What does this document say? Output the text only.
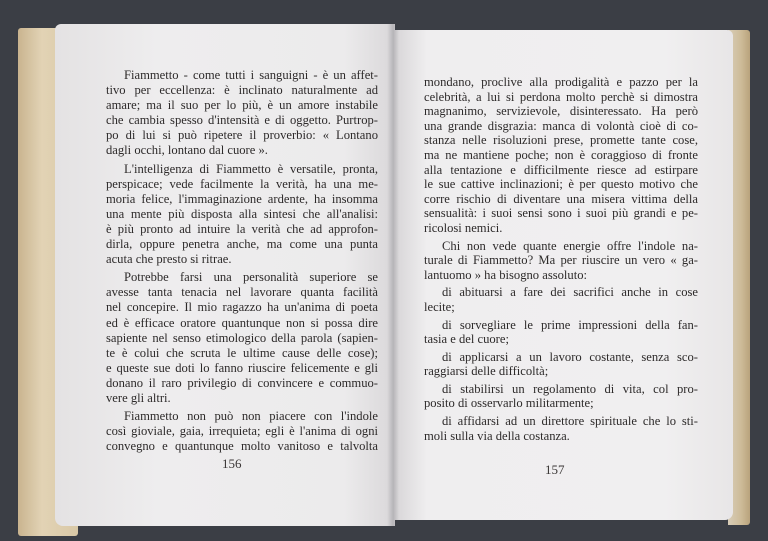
Fiammetto - come tutti i sanguigni - è un affet-
tivo per eccellenza: è inclinato naturalmente ad
amare; ma il suo per lo più, è un amore instabile
che cambia spesso d'intensità e di oggetto. Purtrop-
po di lui si può ripetere il proverbio: « Lontano
dagli occhi, lontano dal cuore ».
L'intelligenza di Fiammetto è versatile, pronta,
perspicace; vede facilmente la verità, ha una me-
moria felice, l'immaginazione ardente, ha insomma
una mente più disposta alla sintesi che all'analisi:
è più pronto ad intuire la verità che ad approfon-
dirla, oppure penetra anche, ma come una punta
acuta che presto si ritrae.
Potrebbe farsi una personalità superiore se
avesse tanta tenacia nel lavorare quanta facilità
nel concepire. Il mio ragazzo ha un'anima di poeta
ed è efficace oratore quantunque non si possa dire
sapiente nel senso etimologico della parola (sapien-
te è colui che scruta le ultime cause delle cose);
e queste sue doti lo fanno riuscire felicemente e gli
donano il raro privilegio di convincere e commuo-
vere gli altri.
Fiammetto non può non piacere con l'indole
così gioviale, gaia, irrequieta; egli è l'anima di ogni
convegno e quantunque molto vanitoso e talvolta
mondano, proclive alla prodigalità e pazzo per la
celebrità, a lui si perdona molto perchè si dimostra
magnanimo, servizievole, disinteressato. Ha però
una grande disgrazia: manca di volontà cioè di co-
stanza nelle risoluzioni prese, promette tante cose,
ma ne mantiene poche; non è coraggioso di fronte
alla tentazione e difficilmente riesce ad estirpare
le sue cattive inclinazioni; è per questo motivo che
corre rischio di diventare una misera vittima della
sensualità: i suoi sensi sono i suoi più grandi e pe-
ricolosi nemici.
Chi non vede quante energie offre l'indole na-
turale di Fiammetto? Ma per riuscire un vero « ga-
lantuomo » ha bisogno assoluto:
di abituarsi a fare dei sacrifici anche in cose
lecite;
di sorvegliare le prime impressioni della fan-
tasia e del cuore;
di applicarsi a un lavoro costante, senza sco-
raggiarsi delle difficoltà;
di stabilirsi un regolamento di vita, col pro-
posito di osservarlo militarmente;
di affidarsi ad un direttore spirituale che lo sti-
moli sulla via della costanza.
156	157
